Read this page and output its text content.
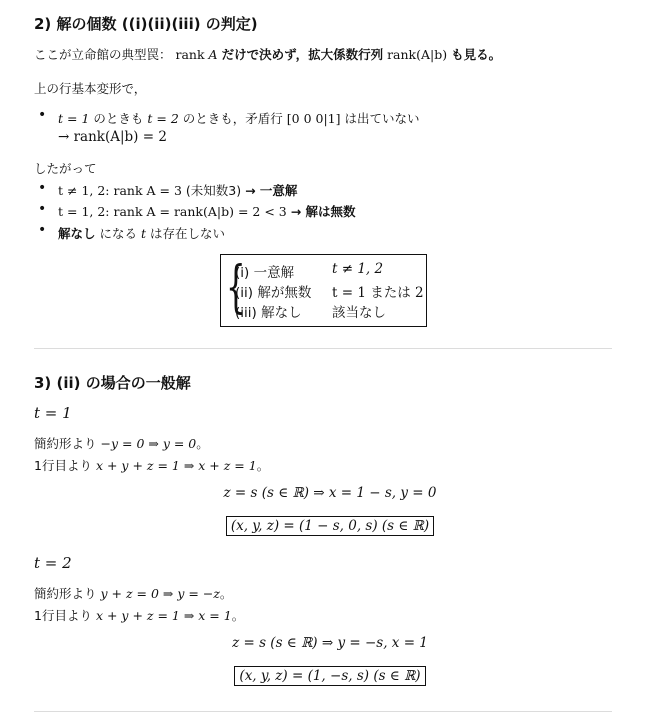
2) 解の個数 ((i)(ii)(iii) の判定)
ここが立命館の典型罠： rank A だけで決めず，拡大係数行列 rank(A|b) も見る。
上の行基本変形で，
• t = 1 のときも t = 2 のときも，矛盾行 [0 0 0|1] は出ていない
→ rank(A|b) = 2
したがって
• t ≠ 1, 2: rank A = 3 (未知数3) → 一意解
• t = 1, 2: rank A = rank(A|b) = 2 < 3 → 解は無数
• 解なし になる t は存在しない
{
(i) 一意解	t ≠ 1, 2
(ii) 解が無数 t = 1 または 2
(iii) 解なし 該当なし
3) (ii) の場合の一般解
t = 1
簡約形より −y = 0 ⇒ y = 0。
1行目より x + y + z = 1 ⇒ x + z = 1。
z = s (s ∈ ℝ) ⇒ x = 1 − s, y = 0
(x, y, z) = (1 − s, 0, s) (s ∈ ℝ)
t = 2
簡約形より y + z = 0 ⇒ y = −z。
1行目より x + y + z = 1 ⇒ x = 1。
z = s (s ∈ ℝ) ⇒ y = −s, x = 1
(x, y, z) = (1, −s, s) (s ∈ ℝ)
